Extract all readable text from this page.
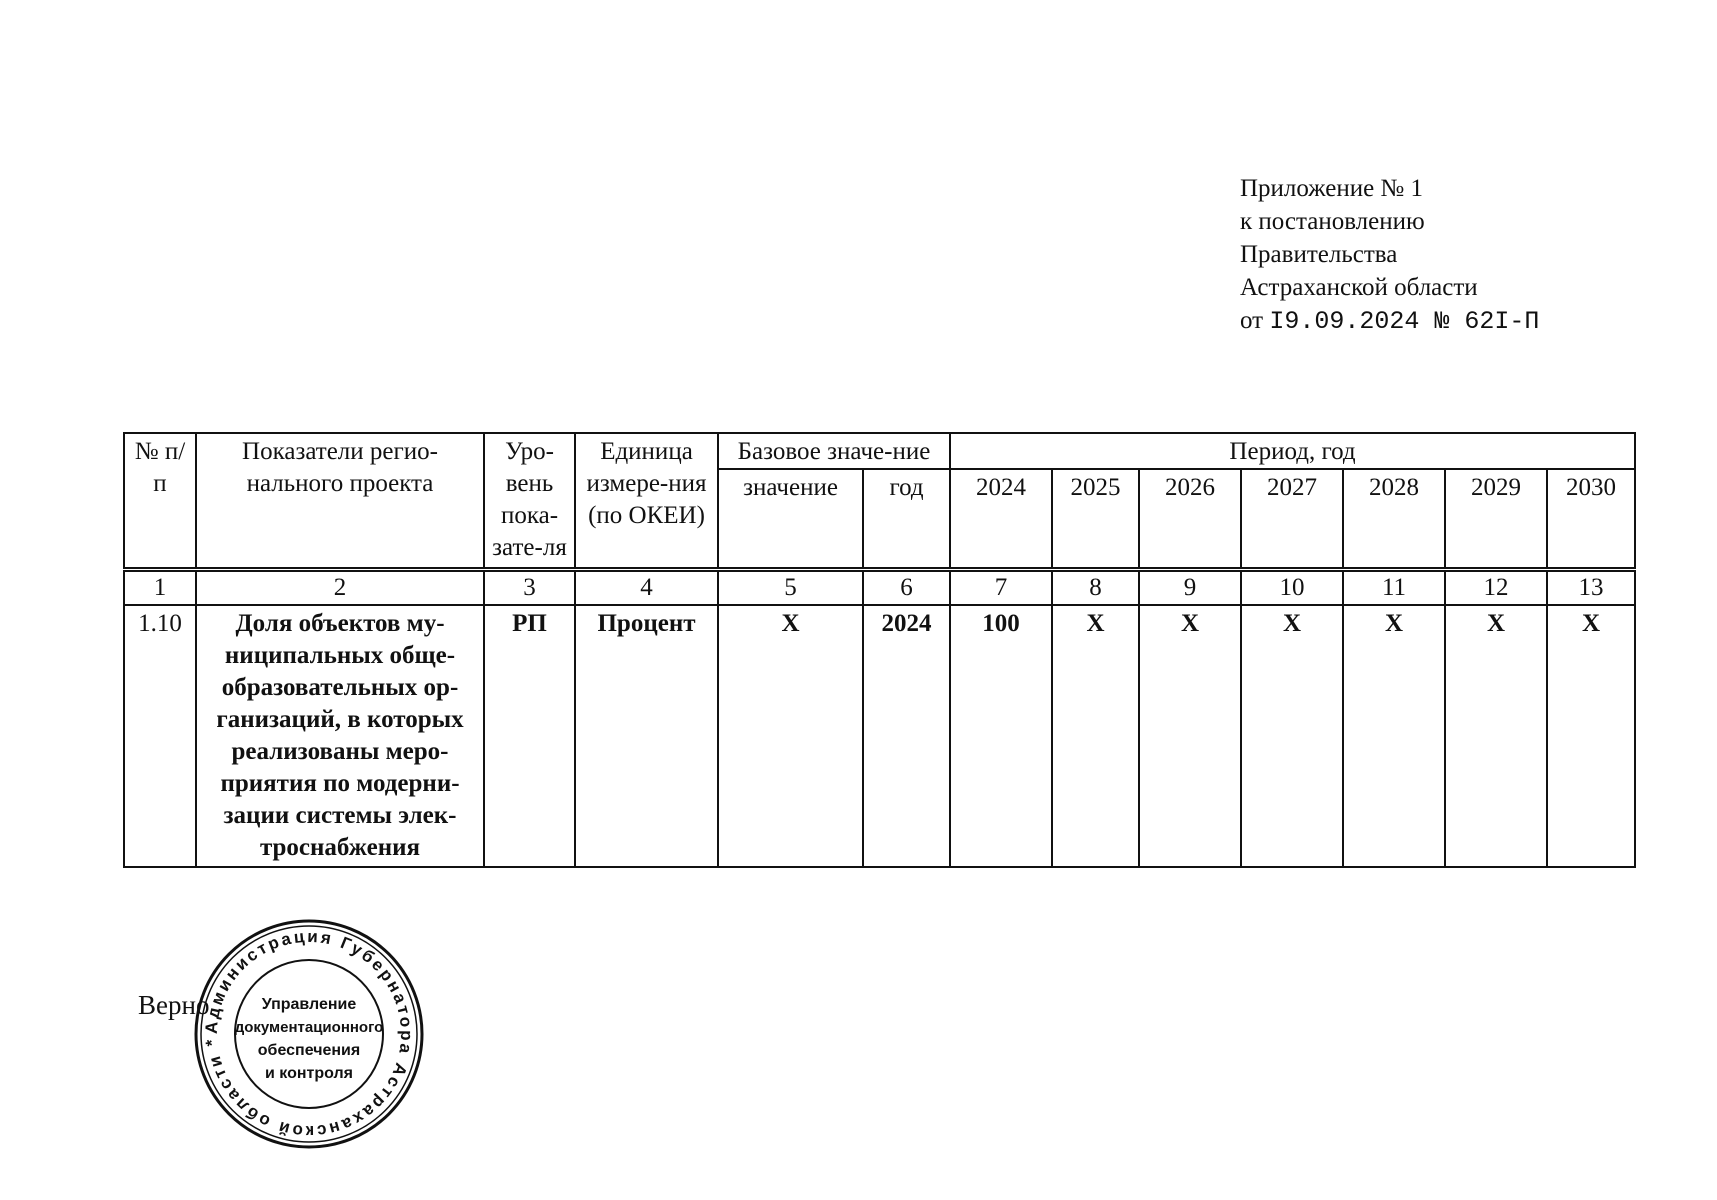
Приложение № 1
к постановлению
Правительства
Астраханской области
от I9.09.2024 № 62I-П
№ п/п	Показатели регио-нального проекта	Уро-вень пока-зате-ля	Единица измере-ния (по ОКЕИ)	Базовое значе-ние		Период, год						
				значение	год	2024	2025	2026	2027	2028	2029	2030
1	2	3	4	5	6	7	8	9	10	11	12	13
1.10	Доля объектов му-ниципальных обще-образовательных ор-ганизаций, в которых реализованы меро-приятия по модерни-зации системы элек-троснабжения	РП	Процент	Х	2024	100	Х	Х	Х	Х	Х	Х
Верно
Администрация Губернатора Астраханской области *
Управление
документационного
обеспечения
и контроля
